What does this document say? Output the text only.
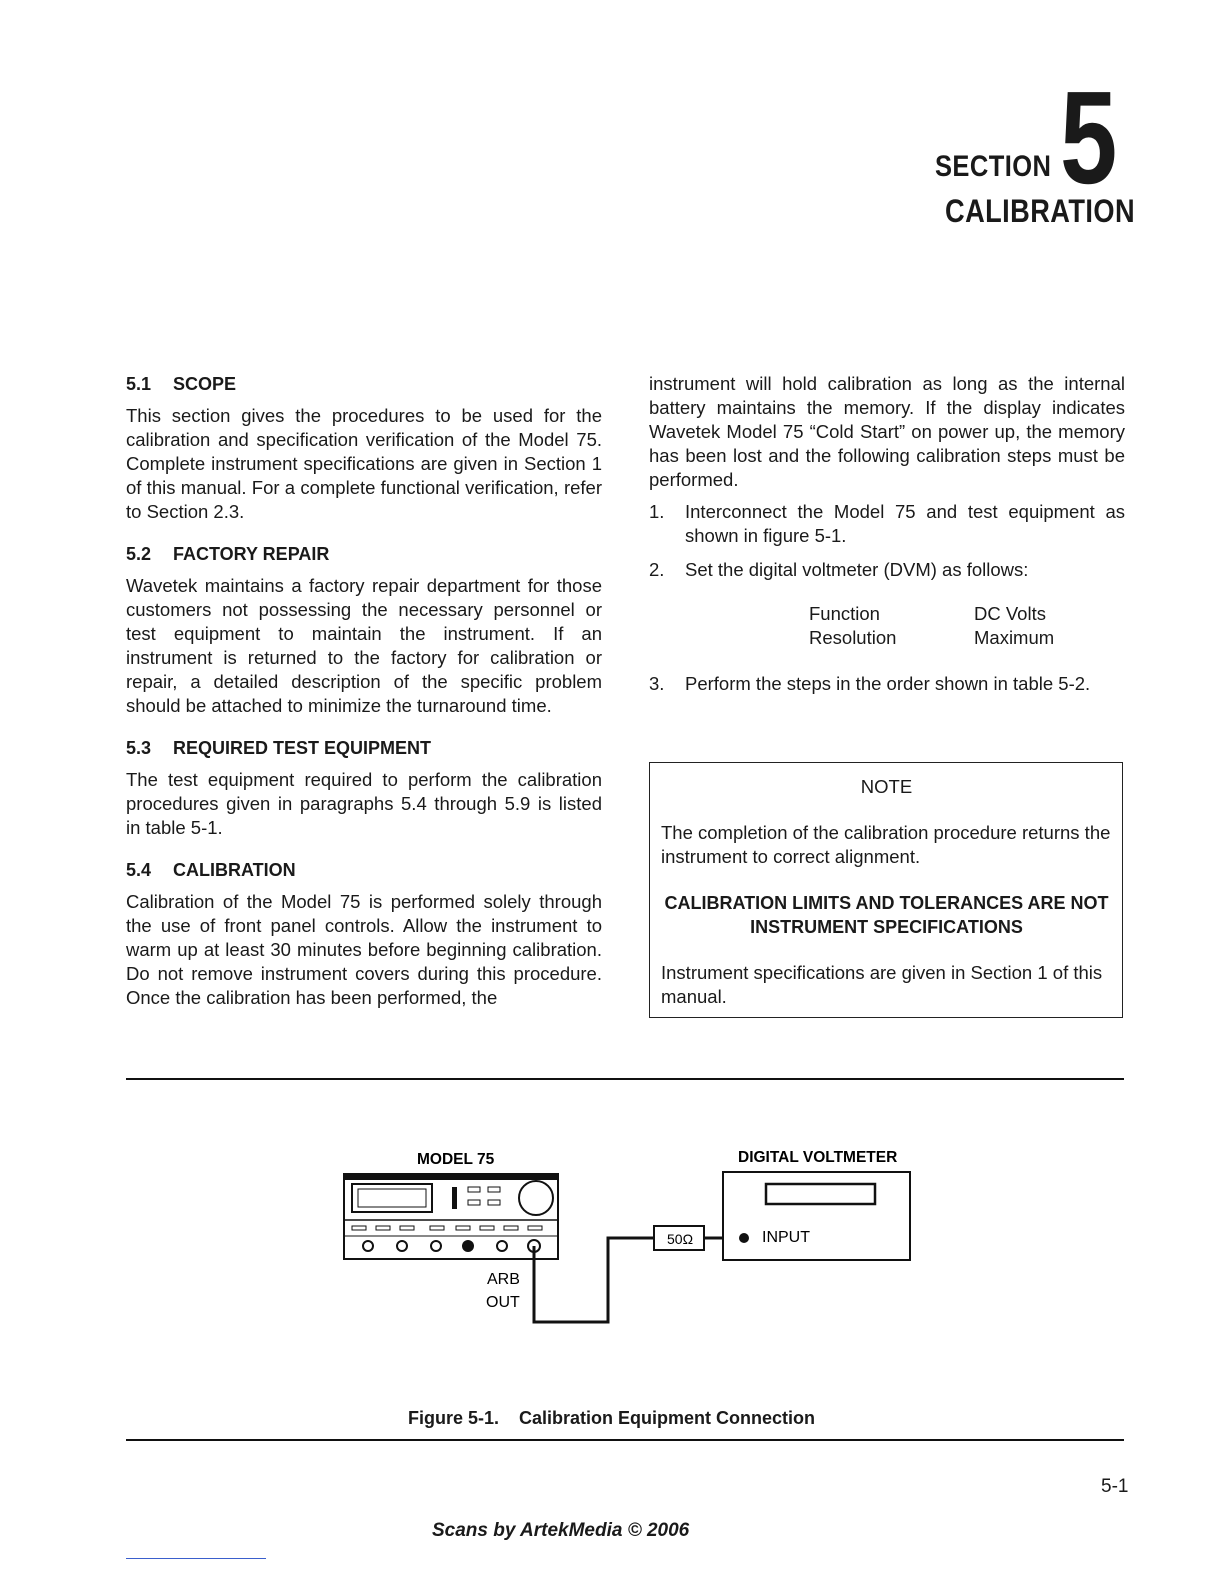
SECTION 5
CALIBRATION
5.1 SCOPE

This section gives the procedures to be used for the calibration and specification verification of the Model 75. Complete instrument specifications are given in Section 1 of this manual. For a complete functional verification, refer to Section 2.3.

5.2 FACTORY REPAIR

Wavetek maintains a factory repair department for those customers not possessing the necessary personnel or test equipment to maintain the instrument. If an instrument is returned to the factory for calibration or repair, a detailed description of the specific problem should be attached to minimize the turnaround time.

5.3 REQUIRED TEST EQUIPMENT

The test equipment required to perform the calibration procedures given in paragraphs 5.4 through 5.9 is listed in table 5-1.

5.4 CALIBRATION

Calibration of the Model 75 is performed solely through the use of front panel controls. Allow the instrument to warm up at least 30 minutes before beginning calibration. Do not remove instrument covers during this procedure. Once the calibration has been performed, the

instrument will hold calibration as long as the internal battery maintains the memory. If the display indicates Wavetek Model 75 “Cold Start” on power up, the memory has been lost and the following calibration steps must be performed.

1. Interconnect the Model 75 and test equipment as shown in figure 5-1.
2. Set the digital voltmeter (DVM) as follows:
Function	DC Volts
Resolution	Maximum
3. Perform the steps in the order shown in table 5-2.
NOTE

The completion of the calibration procedure returns the instrument to correct alignment.

CALIBRATION LIMITS AND TOLERANCES ARE NOT INSTRUMENT SPECIFICATIONS

Instrument specifications are given in Section 1 of this manual.

MODEL 75	DIGITAL VOLTMETER
ARB
OUT
50Ω	INPUT
Figure 5-1. Calibration Equipment Connection
5-1
Scans by ArtekMedia © 2006
